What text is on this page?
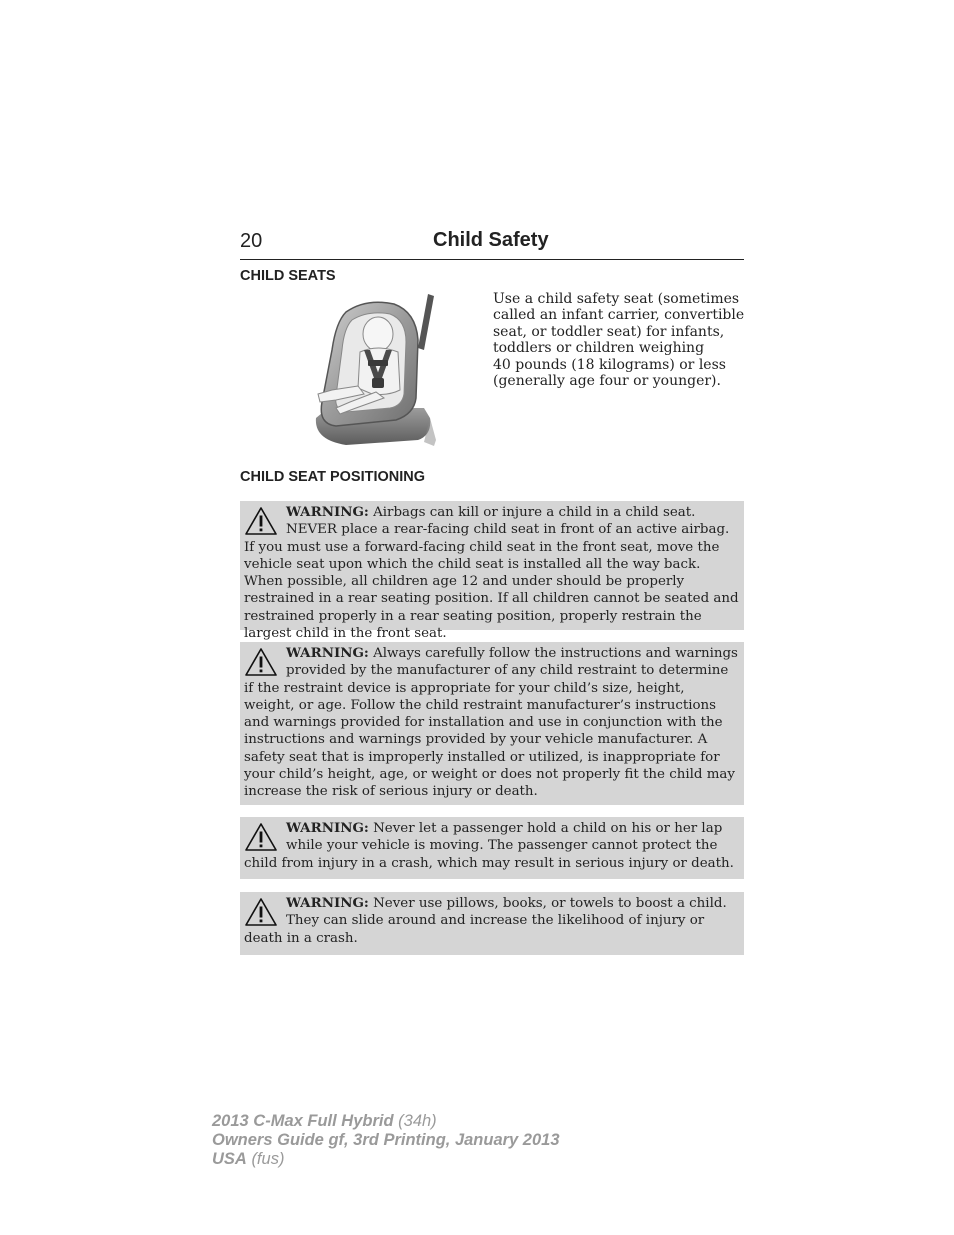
20	Child Safety
CHILD SEATS
Use a child safety seat (sometimes
called an infant carrier, convertible
seat, or toddler seat) for infants,
toddlers or children weighing
40 pounds (18 kilograms) or less
(generally age four or younger).
CHILD SEAT POSITIONING
WARNING: Airbags can kill or injure a child in a child seat. NEVER place a rear-facing child seat in front of an active airbag. If you must use a forward-facing child seat in the front seat, move the vehicle seat upon which the child seat is installed all the way back. When possible, all children age 12 and under should be properly restrained in a rear seating position. If all children cannot be seated and restrained properly in a rear seating position, properly restrain the largest child in the front seat.
WARNING: Always carefully follow the instructions and warnings provided by the manufacturer of any child restraint to determine if the restraint device is appropriate for your child’s size, height, weight, or age. Follow the child restraint manufacturer’s instructions and warnings provided for installation and use in conjunction with the instructions and warnings provided by your vehicle manufacturer. A safety seat that is improperly installed or utilized, is inappropriate for your child’s height, age, or weight or does not properly fit the child may increase the risk of serious injury or death.
WARNING: Never let a passenger hold a child on his or her lap while your vehicle is moving. The passenger cannot protect the child from injury in a crash, which may result in serious injury or death.
WARNING: Never use pillows, books, or towels to boost a child. They can slide around and increase the likelihood of injury or death in a crash.
2013 C-Max Full Hybrid (34h)
Owners Guide gf, 3rd Printing, January 2013
USA (fus)
